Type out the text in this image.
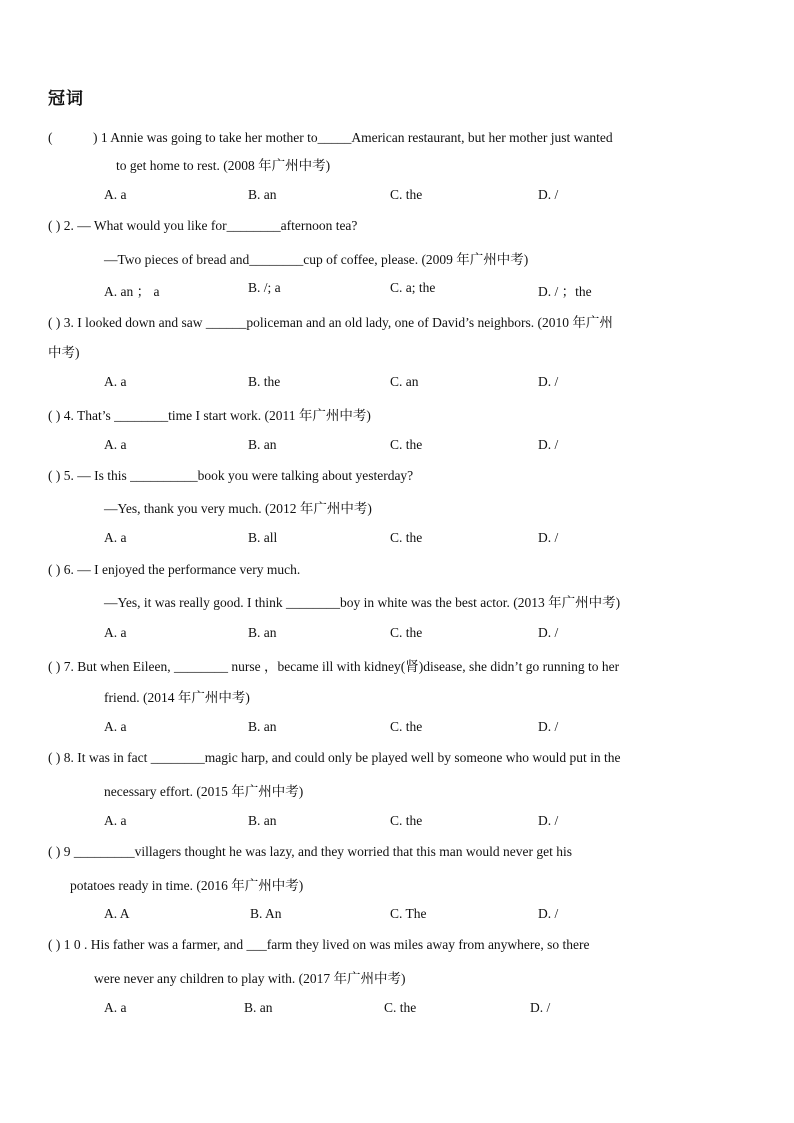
冠词
(　　　) 1 Annie was going to take her mother to_____American restaurant, but her mother just wanted
to get home to rest. (2008 年广州中考)
A. a	B. an	C. the	D. /
( ) 2. — What would you like for________afternoon tea?
—Two pieces of bread and________cup of coffee, please. (2009 年广州中考)
A. an ； a	B. /; a	C. a; the	D. / ；the
( ) 3. I looked down and saw ______policeman and an old lady, one of David’s neighbors. (2010 年广州
中考)
A. a	B. the	C. an	D. /
( ) 4. That’s ________time I start work. (2011 年广州中考)
A. a	B. an	C. the	D. /
( ) 5. — Is this __________book you were talking about yesterday?
—Yes, thank you very much. (2012 年广州中考)
A. a	B. all	C. the	D. /
( ) 6. — I enjoyed the performance very much.
—Yes, it was really good. I think ________boy in white was the best actor. (2013 年广州中考)
A. a	B. an	C. the	D. /
( ) 7. But when Eileen, ________ nurse ，became ill with kidney(肾)disease, she didn’t go running to her
friend. (2014 年广州中考)
A. a	B. an	C. the	D. /
( ) 8. It was in fact ________magic harp, and could only be played well by someone who would put in the
necessary effort. (2015 年广州中考)
A. a	B. an	C. the	D. /
( ) 9 _________villagers thought he was lazy, and they worried that this man would never get his
potatoes ready in time. (2016 年广州中考)
A. A	B. An	C. The	D. /
( ) 1 0 . His father was a farmer, and ___farm they lived on was miles away from anywhere, so there
were never any children to play with. (2017 年广州中考)
A. a	B. an	C. the	D. /
